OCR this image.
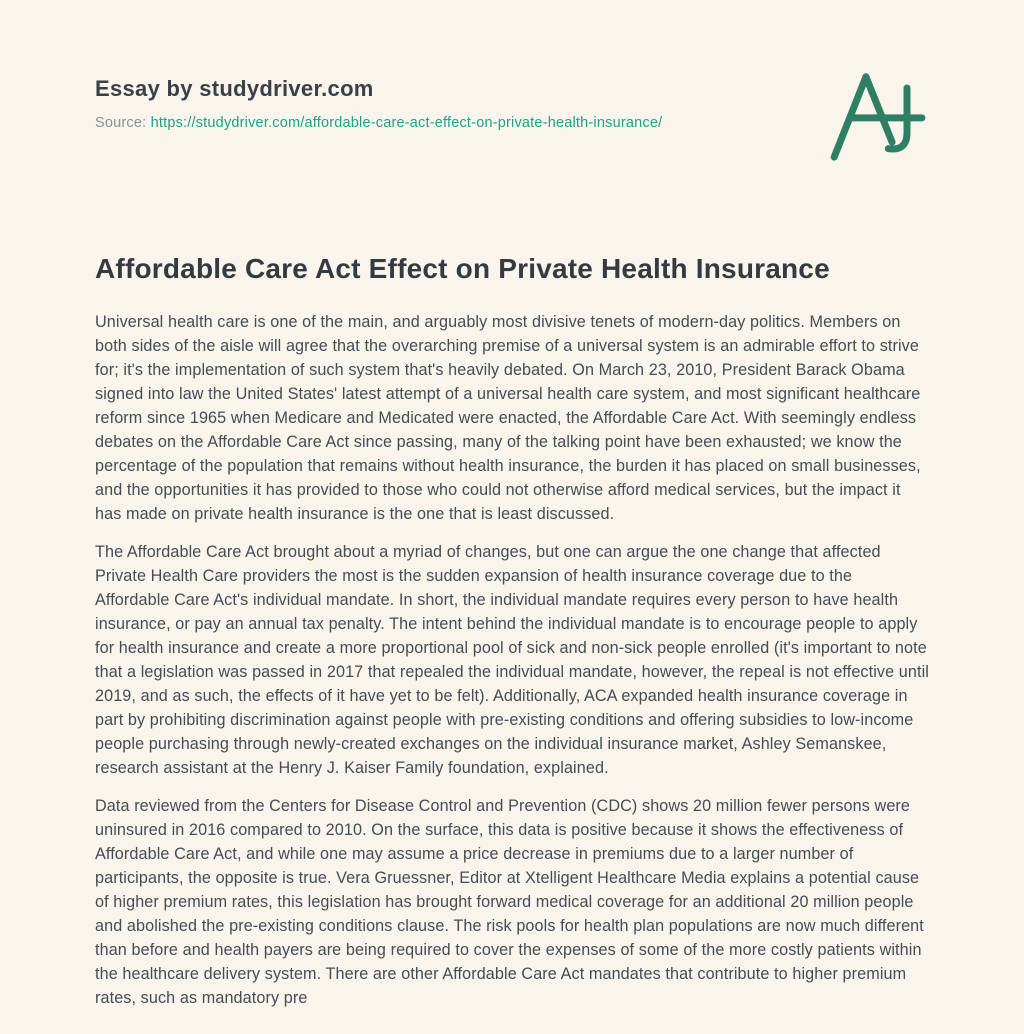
Essay by studydriver.com
Source: https://studydriver.com/affordable-care-act-effect-on-private-health-insurance/
Affordable Care Act Effect on Private Health Insurance

Universal health care is one of the main, and arguably most divisive tenets of modern-day politics. Members on both sides of the aisle will agree that the overarching premise of a universal system is an admirable effort to strive for; it's the implementation of such system that's heavily debated. On March 23, 2010, President Barack Obama signed into law the United States' latest attempt of a universal health care system, and most significant healthcare reform since 1965 when Medicare and Medicated were enacted, the Affordable Care Act. With seemingly endless debates on the Affordable Care Act since passing, many of the talking point have been exhausted; we know the percentage of the population that remains without health insurance, the burden it has placed on small businesses, and the opportunities it has provided to those who could not otherwise afford medical services, but the impact it has made on private health insurance is the one that is least discussed.

The Affordable Care Act brought about a myriad of changes, but one can argue the one change that affected Private Health Care providers the most is the sudden expansion of health insurance coverage due to the Affordable Care Act's individual mandate. In short, the individual mandate requires every person to have health insurance, or pay an annual tax penalty. The intent behind the individual mandate is to encourage people to apply for health insurance and create a more proportional pool of sick and non-sick people enrolled (it's important to note that a legislation was passed in 2017 that repealed the individual mandate, however, the repeal is not effective until 2019, and as such, the effects of it have yet to be felt). Additionally, ACA expanded health insurance coverage in part by prohibiting discrimination against people with pre-existing conditions and offering subsidies to low-income people purchasing through newly-created exchanges on the individual insurance market, Ashley Semanskee, research assistant at the Henry J. Kaiser Family foundation, explained.

Data reviewed from the Centers for Disease Control and Prevention (CDC) shows 20 million fewer persons were uninsured in 2016 compared to 2010. On the surface, this data is positive because it shows the effectiveness of Affordable Care Act, and while one may assume a price decrease in premiums due to a larger number of participants, the opposite is true. Vera Gruessner, Editor at Xtelligent Healthcare Media explains a potential cause of higher premium rates, this legislation has brought forward medical coverage for an additional 20 million people and abolished the pre-existing conditions clause. The risk pools for health plan populations are now much different than before and health payers are being required to cover the expenses of some of the more costly patients within the healthcare delivery system. There are other Affordable Care Act mandates that contribute to higher premium rates, such as mandatory pre
